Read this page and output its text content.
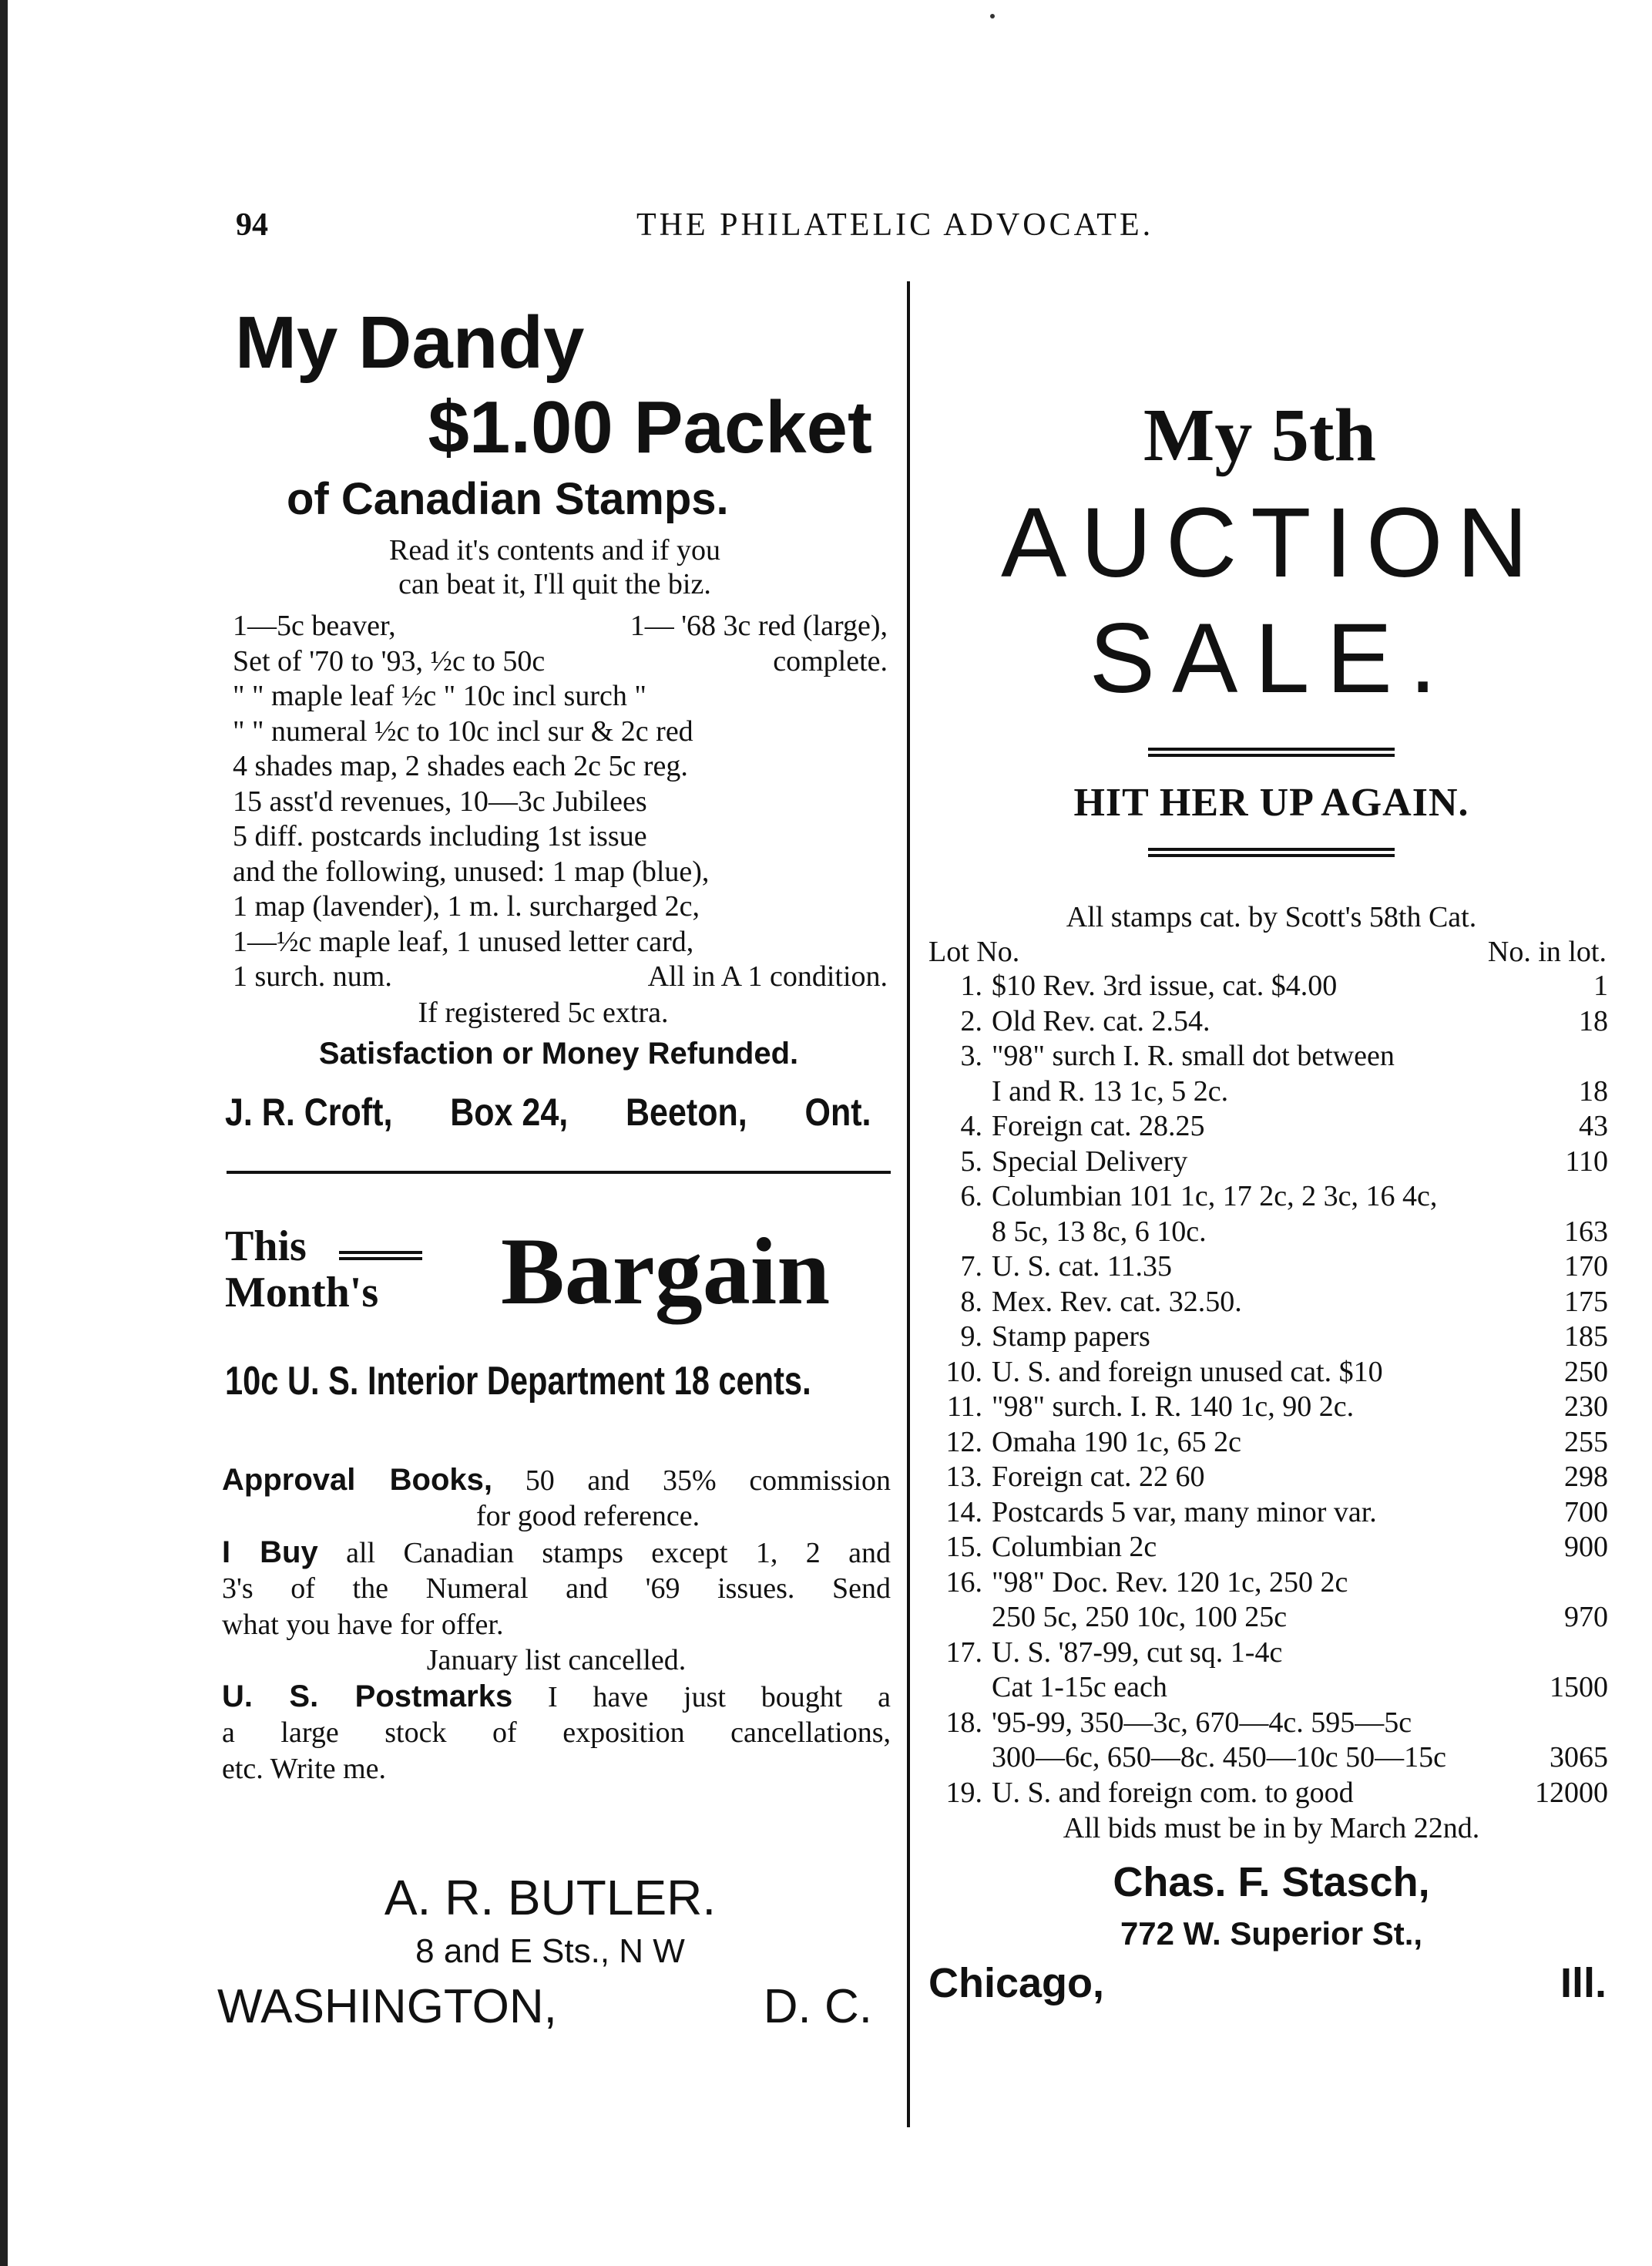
94	THE PHILATELIC ADVOCATE.
My Dandy
$1.00 Packet
of Canadian Stamps.
Read it's contents and if you
can beat it, I'll quit the biz.
1—5c beaver,	1— '68 3c red (large),
Set of '70 to '93, ½c to 50c	complete.
" " maple leaf ½c " 10c incl surch "
" " numeral ½c to 10c incl sur & 2c red
4 shades map, 2 shades each 2c 5c reg.
15 asst'd revenues, 10—3c Jubilees
5 diff. postcards including 1st issue
and the following, unused: 1 map (blue),
1 map (lavender), 1 m. l. surcharged 2c,
1—½c maple leaf, 1 unused letter card,
1 surch. num.	All in A 1 condition.
If registered 5c extra.
Satisfaction or Money Refunded.
J. R. Croft, Box 24, Beeton, Ont.
This
Month's Bargain
10c U. S. Interior Department 18 cents.
Approval Books, 50 and 35% commission
for good reference.
I Buy all Canadian stamps except 1, 2 and
3's of the Numeral and '69 issues. Send
what you have for offer.
January list cancelled.
U. S. Postmarks I have just bought a
a large stock of exposition cancellations,
etc. Write me.
A. R. BUTLER.
8 and E Sts., N W
WASHINGTON,	D. C.
My 5th
AUCTION
SALE.
HIT HER UP AGAIN.
All stamps cat. by Scott's 58th Cat.
Lot No.	No. in lot.
1. $10 Rev. 3rd issue, cat. $4.00	1
2. Old Rev. cat. 2.54.	18
3. "98" surch I. R. small dot between
I and R. 13 1c, 5 2c.	18
4. Foreign cat. 28.25	43
5. Special Delivery	110
6. Columbian 101 1c, 17 2c, 2 3c, 16 4c,
8 5c, 13 8c, 6 10c.	163
7. U. S. cat. 11.35	170
8. Mex. Rev. cat. 32.50.	175
9. Stamp papers	185
10. U. S. and foreign unused cat. $10	250
11. "98" surch. I. R. 140 1c, 90 2c.	230
12. Omaha 190 1c, 65 2c	255
13. Foreign cat. 22 60	298
14. Postcards 5 var, many minor var.	700
15. Columbian 2c	900
16. "98" Doc. Rev. 120 1c, 250 2c
250 5c, 250 10c, 100 25c	970
17. U. S. '87-99, cut sq. 1-4c
Cat 1-15c each	1500
18. '95-99, 350—3c, 670—4c. 595—5c
300—6c, 650—8c. 450—10c 50—15c	3065
19. U. S. and foreign com. to good	12000
All bids must be in by March 22nd.
Chas. F. Stasch,
772 W. Superior St.,
Chicago,	Ill.
